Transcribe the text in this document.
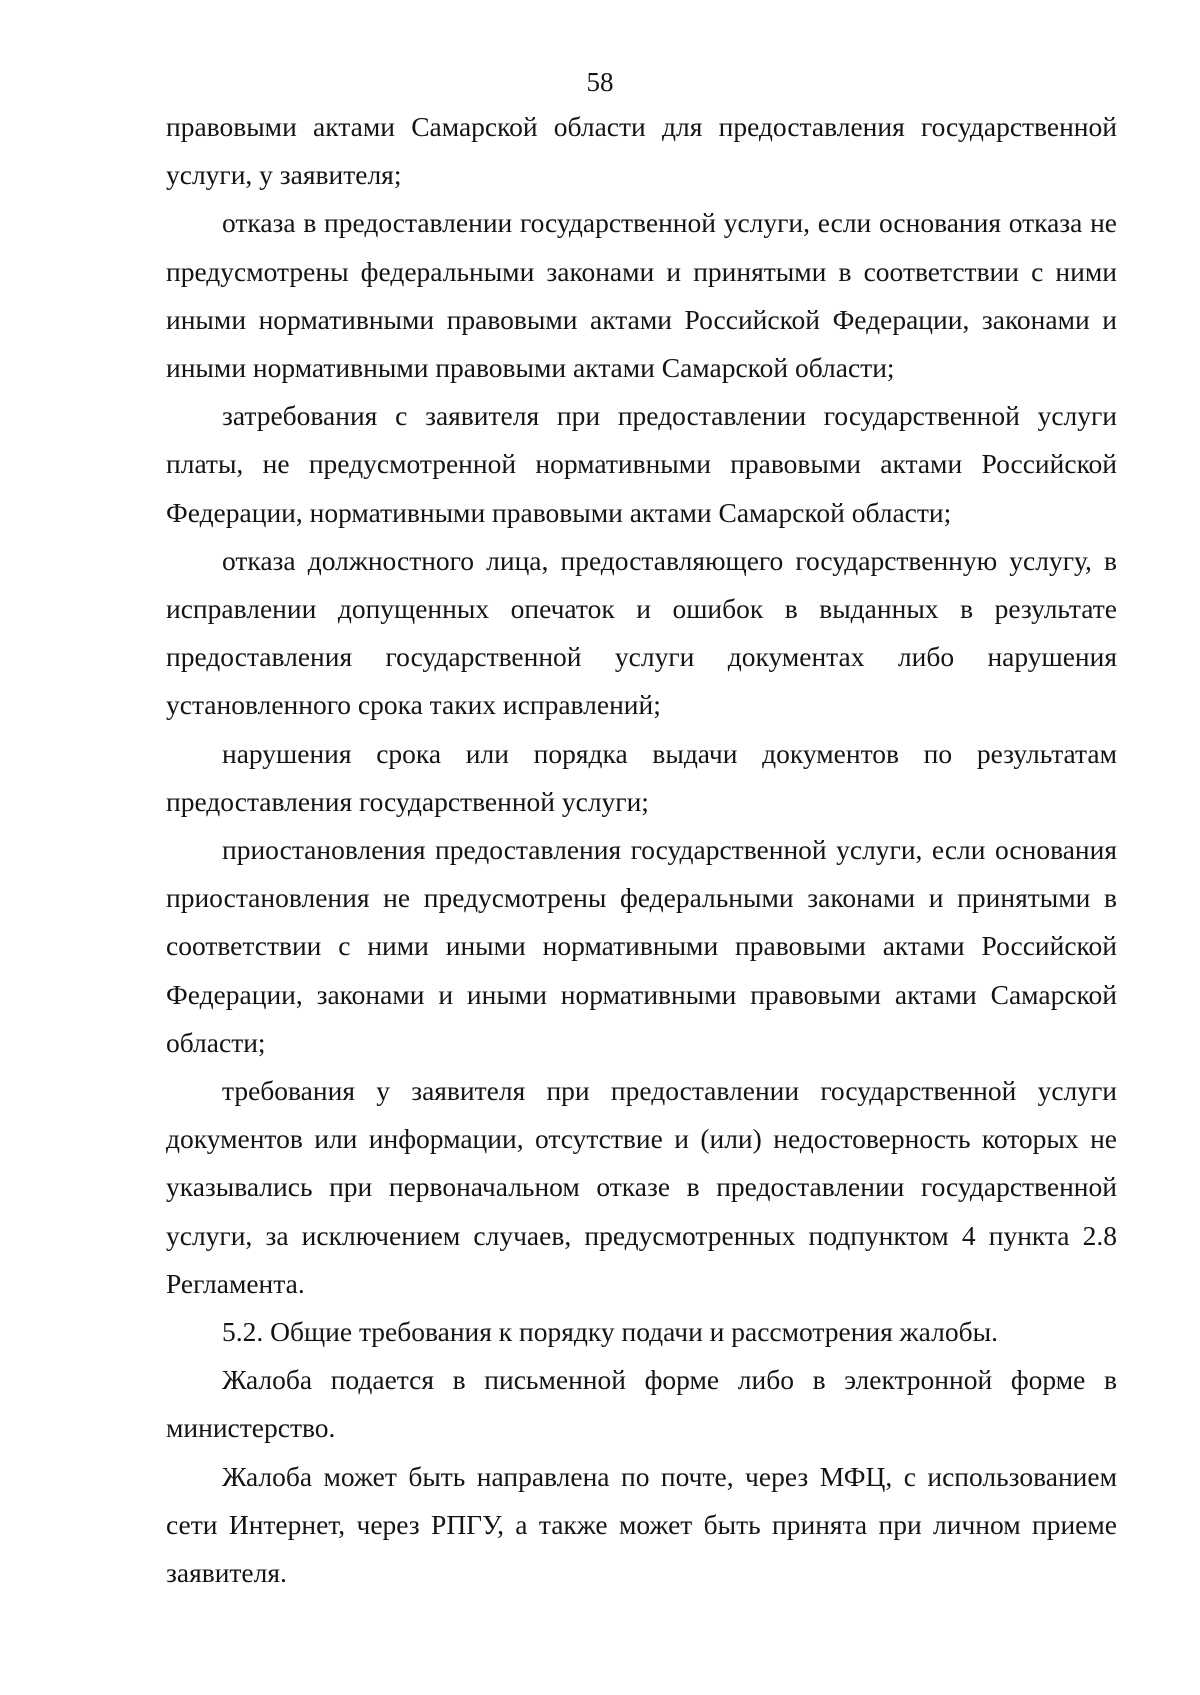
58

правовыми актами Самарской области для предоставления государственной услуги, у заявителя;

отказа в предоставлении государственной услуги, если основания отказа не предусмотрены федеральными законами и принятыми в соответствии с ними иными нормативными правовыми актами Российской Федерации, законами и иными нормативными правовыми актами Самарской области;

затребования с заявителя при предоставлении государственной услуги платы, не предусмотренной нормативными правовыми актами Российской Федерации, нормативными правовыми актами Самарской области;

отказа должностного лица, предоставляющего государственную услугу, в исправлении допущенных опечаток и ошибок в выданных в результате предоставления государственной услуги документах либо нарушения установленного срока таких исправлений;

нарушения срока или порядка выдачи документов по результатам предоставления государственной услуги;

приостановления предоставления государственной услуги, если основания приостановления не предусмотрены федеральными законами и принятыми в соответствии с ними иными нормативными правовыми актами Российской Федерации, законами и иными нормативными правовыми актами Самарской области;

требования у заявителя при предоставлении государственной услуги документов или информации, отсутствие и (или) недостоверность которых не указывались при первоначальном отказе в предоставлении государственной услуги, за исключением случаев, предусмотренных подпунктом 4 пункта 2.8 Регламента.

5.2. Общие требования к порядку подачи и рассмотрения жалобы.

Жалоба подается в письменной форме либо в электронной форме в министерство.

Жалоба может быть направлена по почте, через МФЦ, с использованием сети Интернет, через РПГУ, а также может быть принята при личном приеме заявителя.
